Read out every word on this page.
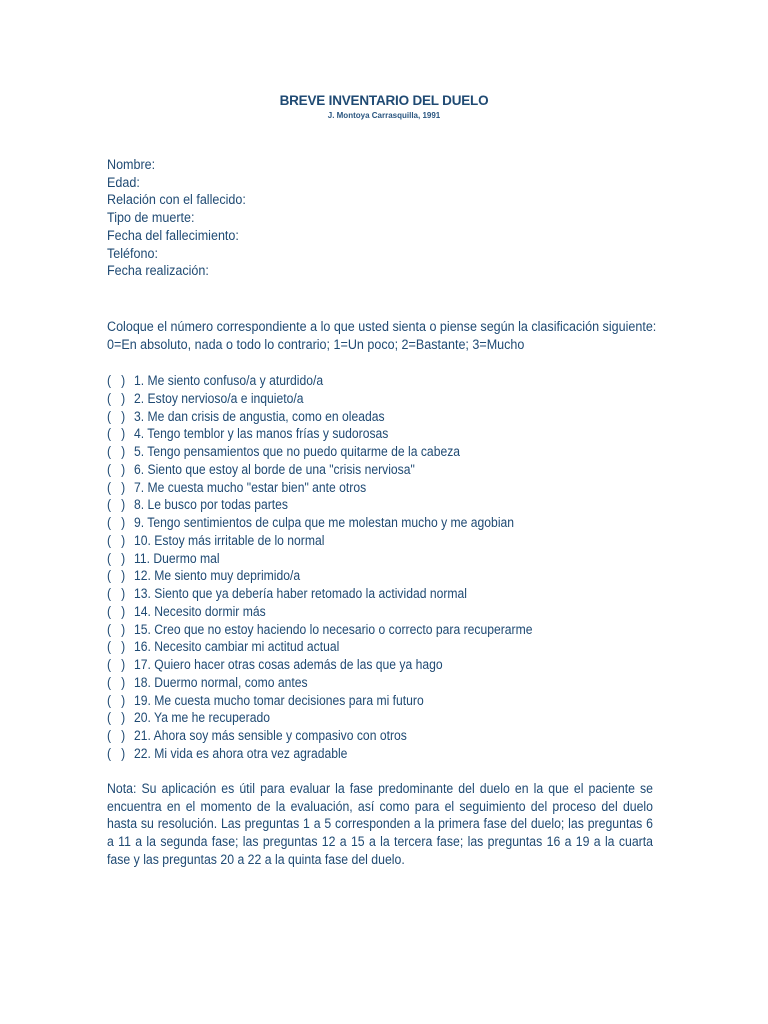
BREVE INVENTARIO DEL DUELO
J. Montoya Carrasquilla, 1991
Nombre:
Edad:
Relación con el fallecido:
Tipo de muerte:
Fecha del fallecimiento:
Teléfono:
Fecha realización:
Coloque el número correspondiente a lo que usted sienta o piense según la clasificación siguiente:
0=En absoluto, nada o todo lo contrario; 1=Un poco; 2=Bastante; 3=Mucho
(   ) 1. Me siento confuso/a y aturdido/a
(   ) 2. Estoy nervioso/a e inquieto/a
(   ) 3. Me dan crisis de angustia, como en oleadas
(   ) 4. Tengo temblor y las manos frías y sudorosas
(   ) 5. Tengo pensamientos que no puedo quitarme de la cabeza
(   ) 6. Siento que estoy al borde de una "crisis nerviosa"
(   ) 7. Me cuesta mucho "estar bien" ante otros
(   ) 8. Le busco por todas partes
(   ) 9. Tengo sentimientos de culpa que me molestan mucho y me agobian
(   ) 10. Estoy más irritable de lo normal
(   ) 11. Duermo mal
(   ) 12. Me siento muy deprimido/a
(   ) 13. Siento que ya debería haber retomado la actividad normal
(   ) 14. Necesito dormir más
(   ) 15. Creo que no estoy haciendo lo necesario o correcto para recuperarme
(   ) 16. Necesito cambiar mi actitud actual
(   ) 17. Quiero hacer otras cosas además de las que ya hago
(   ) 18. Duermo normal, como antes
(   ) 19. Me cuesta mucho tomar decisiones para mi futuro
(   ) 20. Ya me he recuperado
(   ) 21. Ahora soy más sensible y compasivo con otros
(   ) 22. Mi vida es ahora otra vez agradable
Nota: Su aplicación es útil para evaluar la fase predominante del duelo en la que el paciente se encuentra en el momento de la evaluación, así como para el seguimiento del proceso del duelo hasta su resolución. Las preguntas 1 a 5 corresponden a la primera fase del duelo; las preguntas 6 a 11 a la segunda fase; las preguntas 12 a 15 a la tercera fase; las preguntas 16 a 19 a la cuarta fase y las preguntas 20 a 22 a la quinta fase del duelo.
